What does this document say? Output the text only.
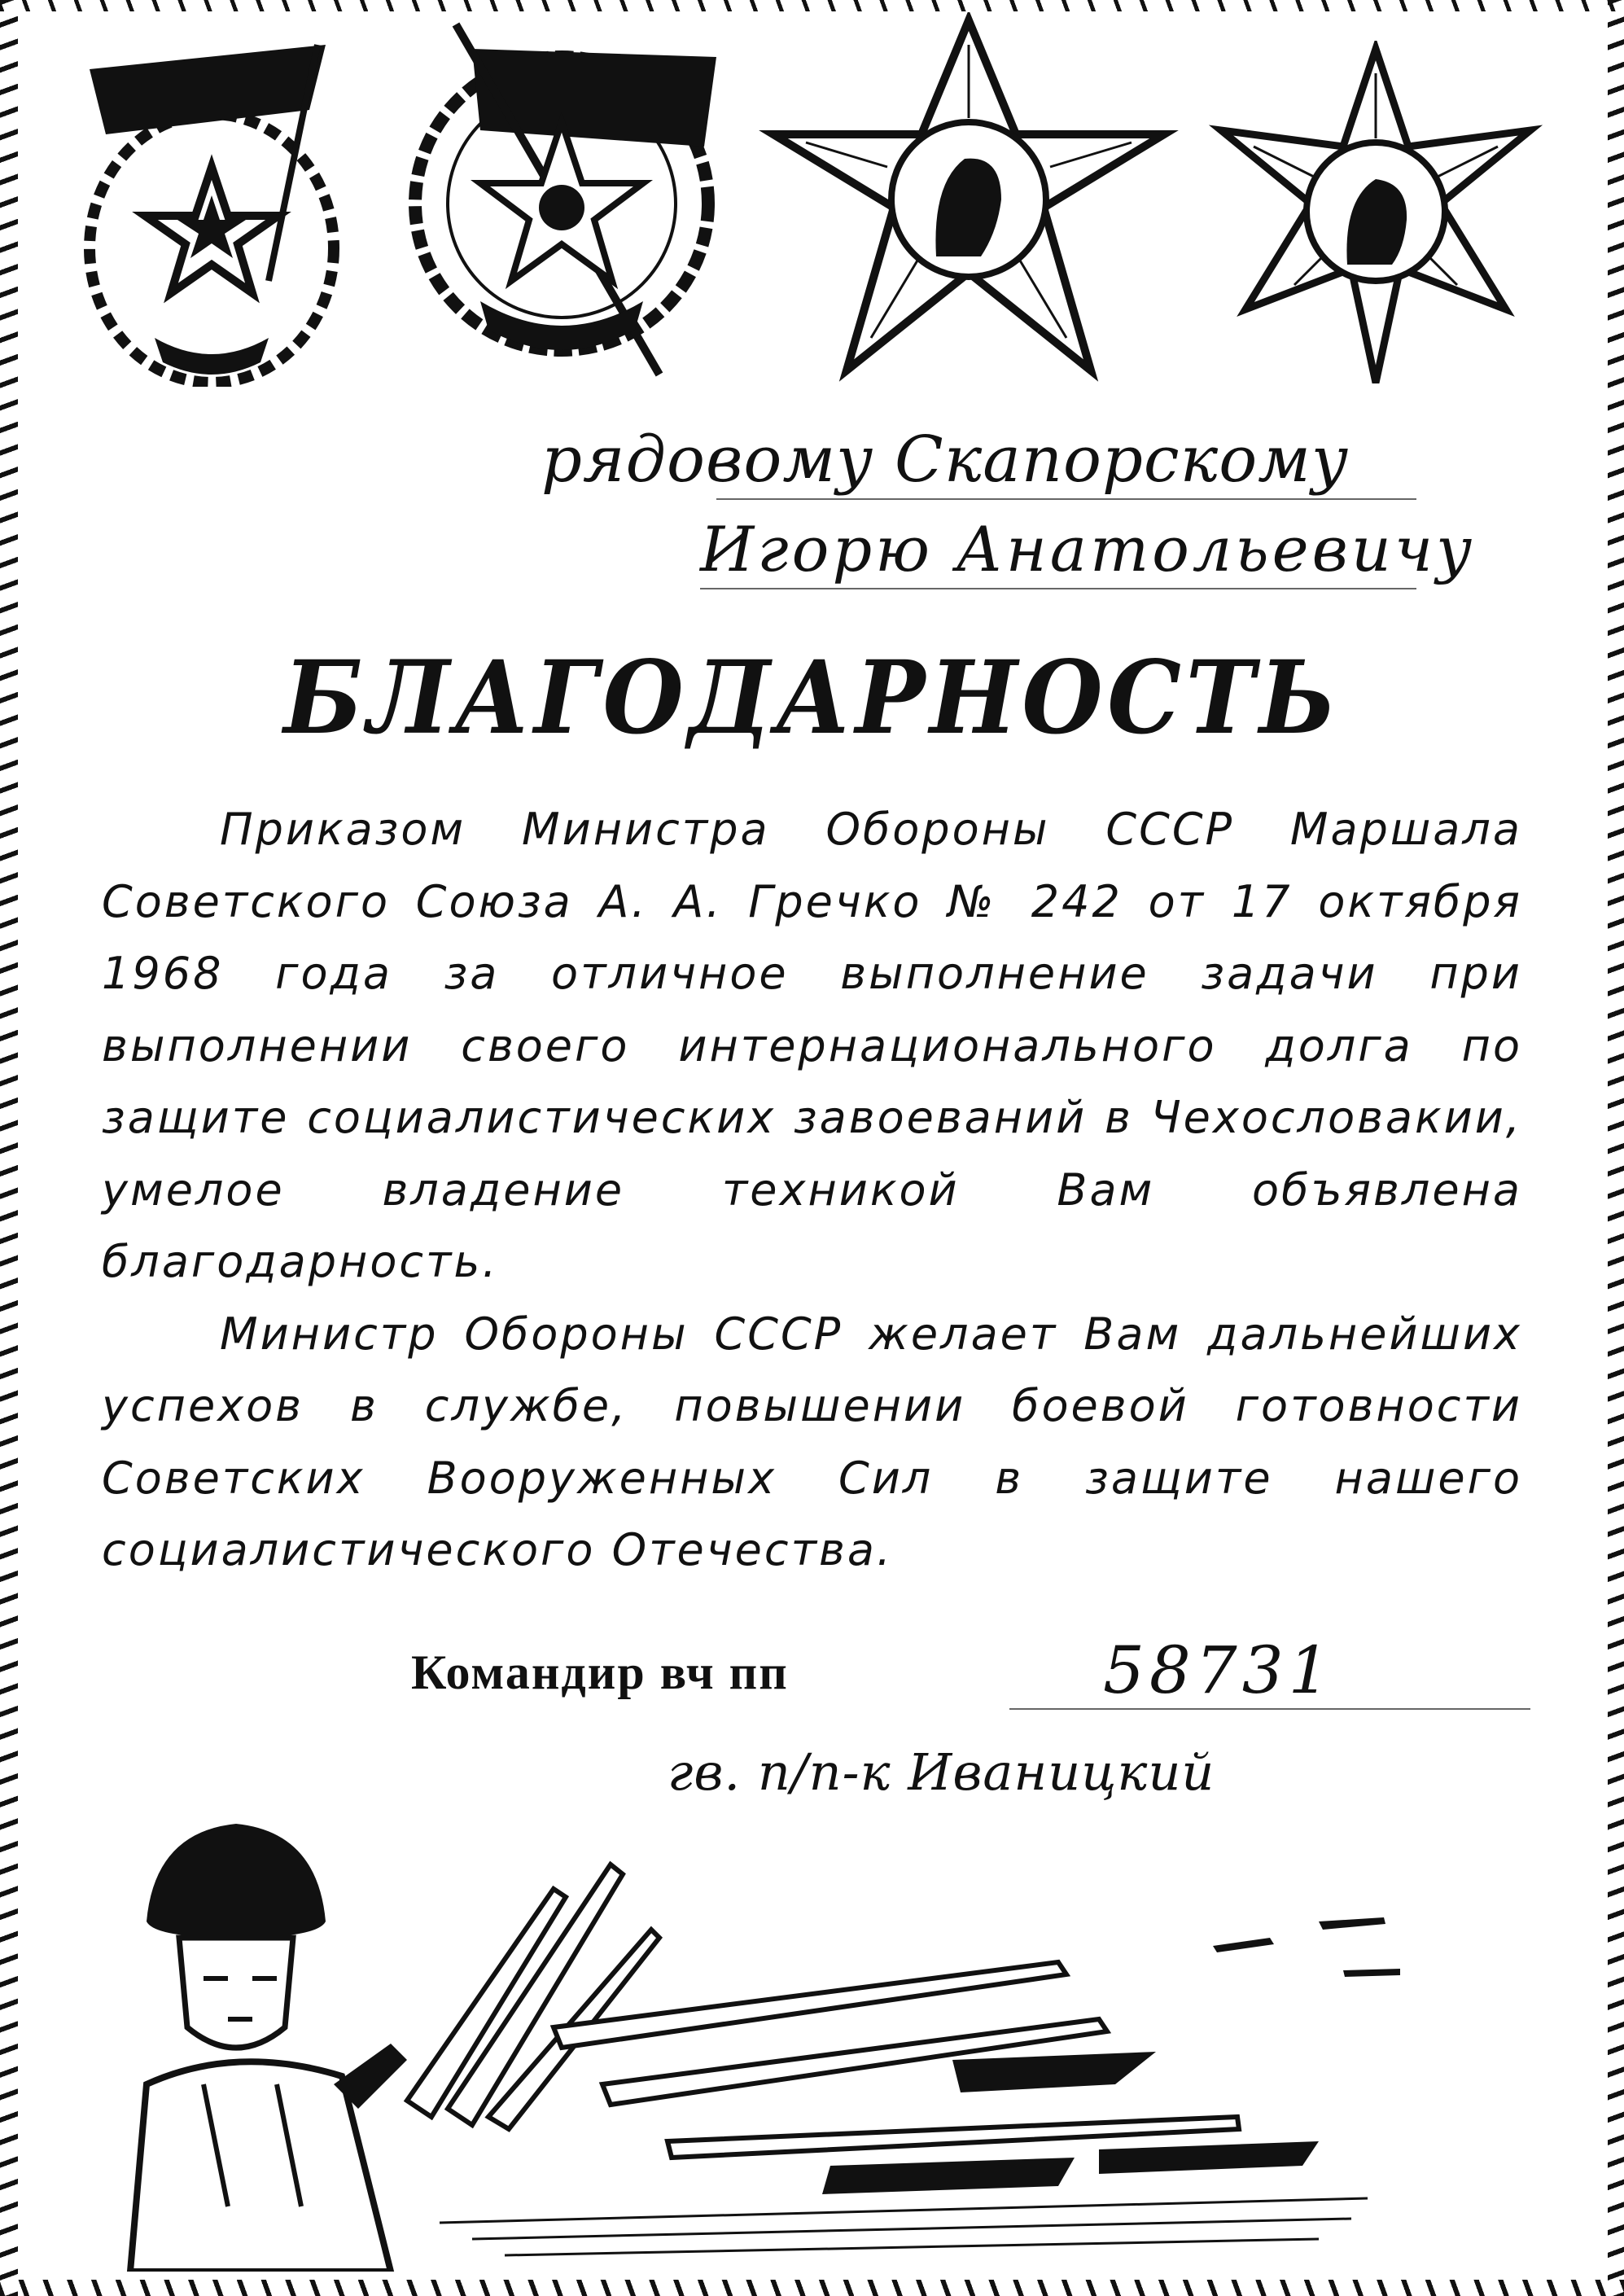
рядовому Скапорскому
Игорю Анатольевичу
БЛАГОДАРНОСТЬ

Приказом Министра Обороны СССР Маршала Советского Союза А. А. Гречко № 242 от 17 октября 1968 года за отличное выполнение задачи при выполнении своего интернационального долга по защите социалистических завоеваний в Чехословакии, умелое владение техникой Вам объявлена благодарность.

Министр Обороны СССР желает Вам дальнейших успехов в службе, повышении боевой готовности Советских Вооруженных Сил в защите нашего социалистического Отечества.

Командир вч пп	58731
гв. п/п-к Иваницкий
